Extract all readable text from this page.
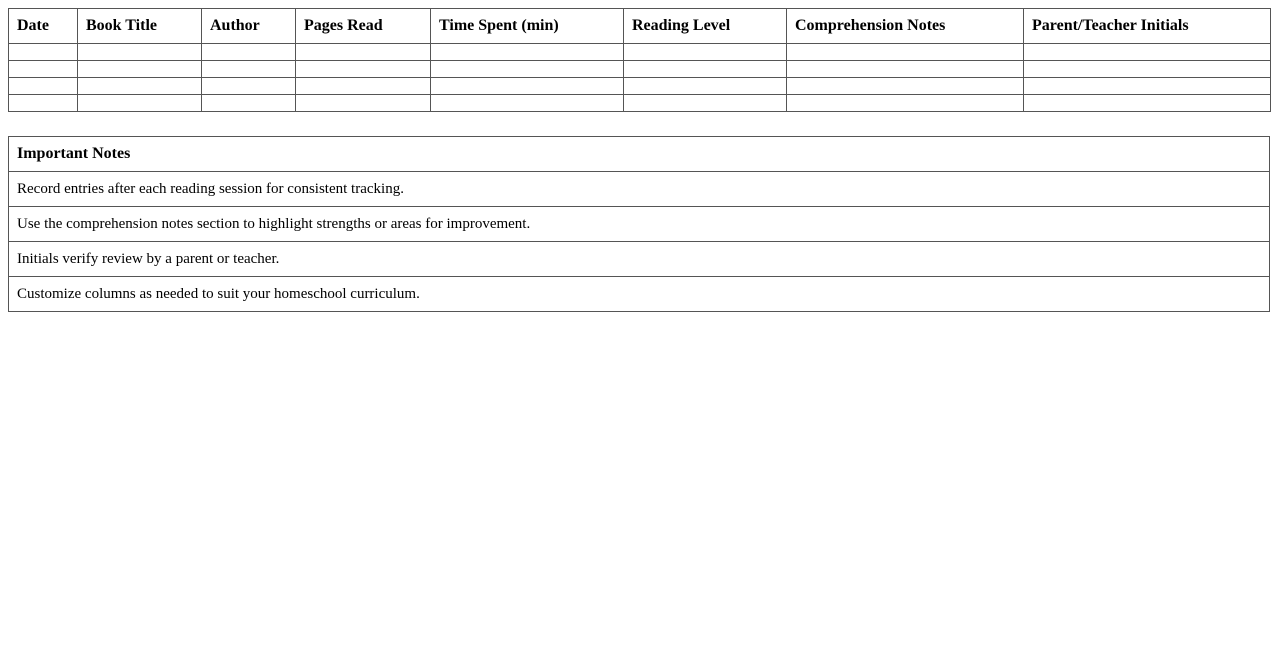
Date	Book Title	Author	Pages Read	Time Spent (min)	Reading Level	Comprehension Notes	Parent/Teacher Initials

Important Notes
Record entries after each reading session for consistent tracking.
Use the comprehension notes section to highlight strengths or areas for improvement.
Initials verify review by a parent or teacher.
Customize columns as needed to suit your homeschool curriculum.
